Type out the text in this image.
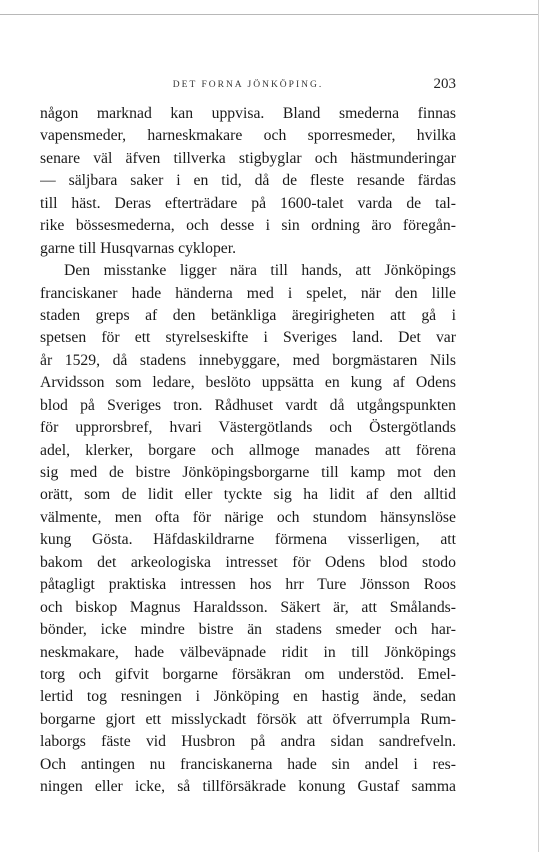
DET FORNA JÖNKÖPING.	203
någon marknad kan uppvisa. Bland smederna finnas
vapensmeder, harneskmakare och sporresmeder, hvilka
senare väl äfven tillverka stigbyglar och hästmunderingar
— säljbara saker i en tid, då de fleste resande färdas
till häst. Deras efterträdare på 1600-talet varda de tal-
rike bössesmederna, och desse i sin ordning äro föregån-
garne till Husqvarnas cykloper.
Den misstanke ligger nära till hands, att Jönköpings
franciskaner hade händerna med i spelet, när den lille
staden greps af den betänkliga äregirigheten att gå i
spetsen för ett styrelseskifte i Sveriges land. Det var
år 1529, då stadens innebyggare, med borgmästaren Nils
Arvidsson som ledare, beslöto uppsätta en kung af Odens
blod på Sveriges tron. Rådhuset vardt då utgångspunkten
för upprorsbref, hvari Västergötlands och Östergötlands
adel, klerker, borgare och allmoge manades att förena
sig med de bistre Jönköpingsborgarne till kamp mot den
orätt, som de lidit eller tyckte sig ha lidit af den alltid
välmente, men ofta för närige och stundom hänsynslöse
kung Gösta. Häfdaskildrarne förmena visserligen, att
bakom det arkeologiska intresset för Odens blod stodo
påtagligt praktiska intressen hos hrr Ture Jönsson Roos
och biskop Magnus Haraldsson. Säkert är, att Smålands-
bönder, icke mindre bistre än stadens smeder och har-
neskmakare, hade välbeväpnade ridit in till Jönköpings
torg och gifvit borgarne försäkran om understöd. Emel-
lertid tog resningen i Jönköping en hastig ände, sedan
borgarne gjort ett misslyckadt försök att öfverrumpla Rum-
laborgs fäste vid Husbron på andra sidan sandrefveln.
Och antingen nu franciskanerna hade sin andel i res-
ningen eller icke, så tillförsäkrade konung Gustaf samma
